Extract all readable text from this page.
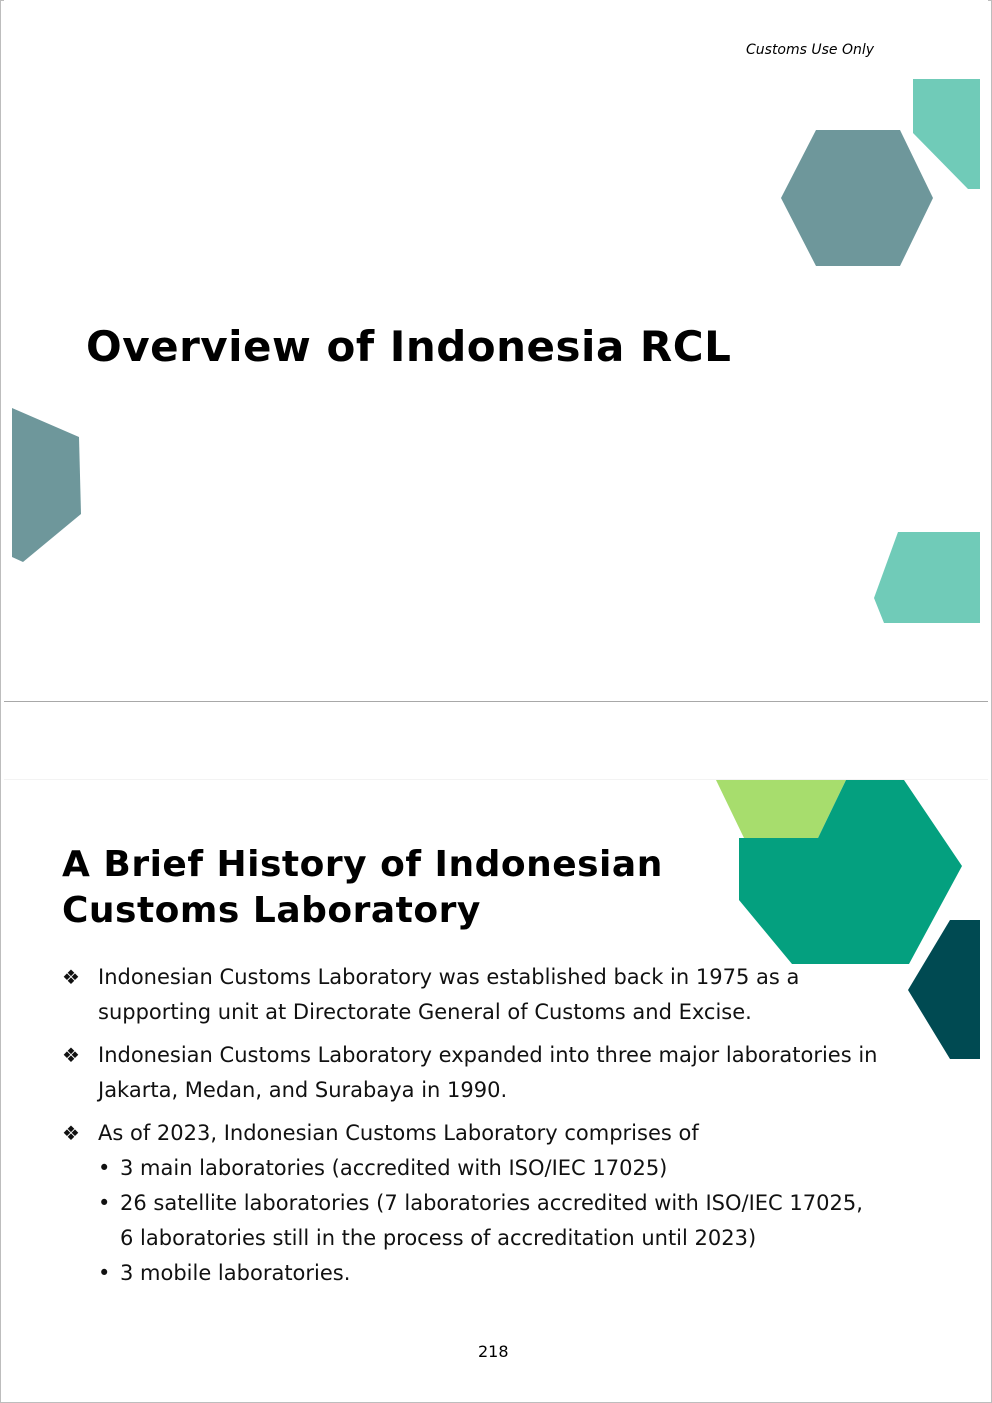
Customs Use Only
Overview of Indonesia RCL
A Brief History of Indonesian
Customs Laboratory
❖ Indonesian Customs Laboratory was established back in 1975 as a supporting unit at Directorate General of Customs and Excise.
❖ Indonesian Customs Laboratory expanded into three major laboratories in Jakarta, Medan, and Surabaya in 1990.
❖ As of 2023, Indonesian Customs Laboratory comprises of
• 3 main laboratories (accredited with ISO/IEC 17025)
• 26 satellite laboratories (7 laboratories accredited with ISO/IEC 17025, 6 laboratories still in the process of accreditation until 2023)
• 3 mobile laboratories.
218
